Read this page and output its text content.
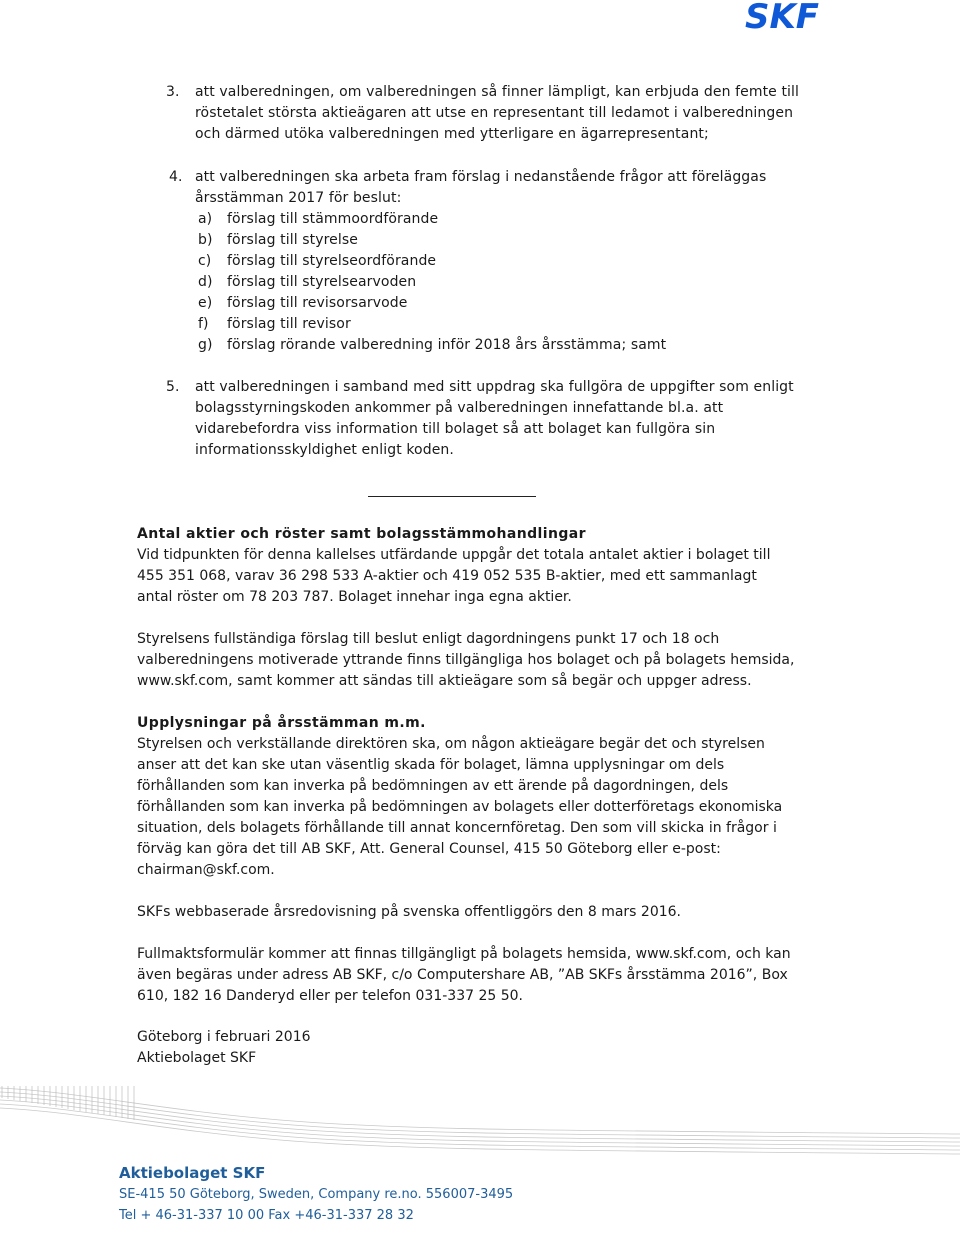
SKF
3. att valberedningen, om valberedningen så finner lämpligt, kan erbjuda den femte till

röstetalet största aktieägaren att utse en representant till ledamot i valberedningen

och därmed utöka valberedningen med ytterligare en ägarrepresentant;

4. att valberedningen ska arbeta fram förslag i nedanstående frågor att föreläggas

årsstämman 2017 för beslut:

a) förslag till stämmoordförande
b) förslag till styrelse
c) förslag till styrelseordförande
d) förslag till styrelsearvoden
e) förslag till revisorsarvode
f) förslag till revisor
g) förslag rörande valberedning inför 2018 års årsstämma; samt
5. att valberedningen i samband med sitt uppdrag ska fullgöra de uppgifter som enligt

bolagsstyrningskoden ankommer på valberedningen innefattande bl.a. att

vidarebefordra viss information till bolaget så att bolaget kan fullgöra sin

informationsskyldighet enligt koden.

Antal aktier och röster samt bolagsstämmohandlingar

Vid tidpunkten för denna kallelses utfärdande uppgår det totala antalet aktier i bolaget till

455 351 068, varav 36 298 533 A-aktier och 419 052 535 B-aktier, med ett sammanlagt

antal röster om 78 203 787. Bolaget innehar inga egna aktier.

Styrelsens fullständiga förslag till beslut enligt dagordningens punkt 17 och 18 och

valberedningens motiverade yttrande finns tillgängliga hos bolaget och på bolagets hemsida,

www.skf.com, samt kommer att sändas till aktieägare som så begär och uppger adress.

Upplysningar på årsstämman m.m.

Styrelsen och verkställande direktören ska, om någon aktieägare begär det och styrelsen

anser att det kan ske utan väsentlig skada för bolaget, lämna upplysningar om dels

förhållanden som kan inverka på bedömningen av ett ärende på dagordningen, dels

förhållanden som kan inverka på bedömningen av bolagets eller dotterföretags ekonomiska

situation, dels bolagets förhållande till annat koncernföretag. Den som vill skicka in frågor i

förväg kan göra det till AB SKF, Att. General Counsel, 415 50 Göteborg eller e-post:

chairman@skf.com.

SKFs webbaserade årsredovisning på svenska offentliggörs den 8 mars 2016.

Fullmaktsformulär kommer att finnas tillgängligt på bolagets hemsida, www.skf.com, och kan

även begäras under adress AB SKF, c/o Computershare AB, ”AB SKFs årsstämma 2016”, Box

610, 182 16 Danderyd eller per telefon 031-337 25 50.

Göteborg i februari 2016

Aktiebolaget SKF

Aktiebolaget SKF
SE-415 50 Göteborg, Sweden, Company re.no. 556007-3495
Tel + 46-31-337 10 00 Fax +46-31-337 28 32
